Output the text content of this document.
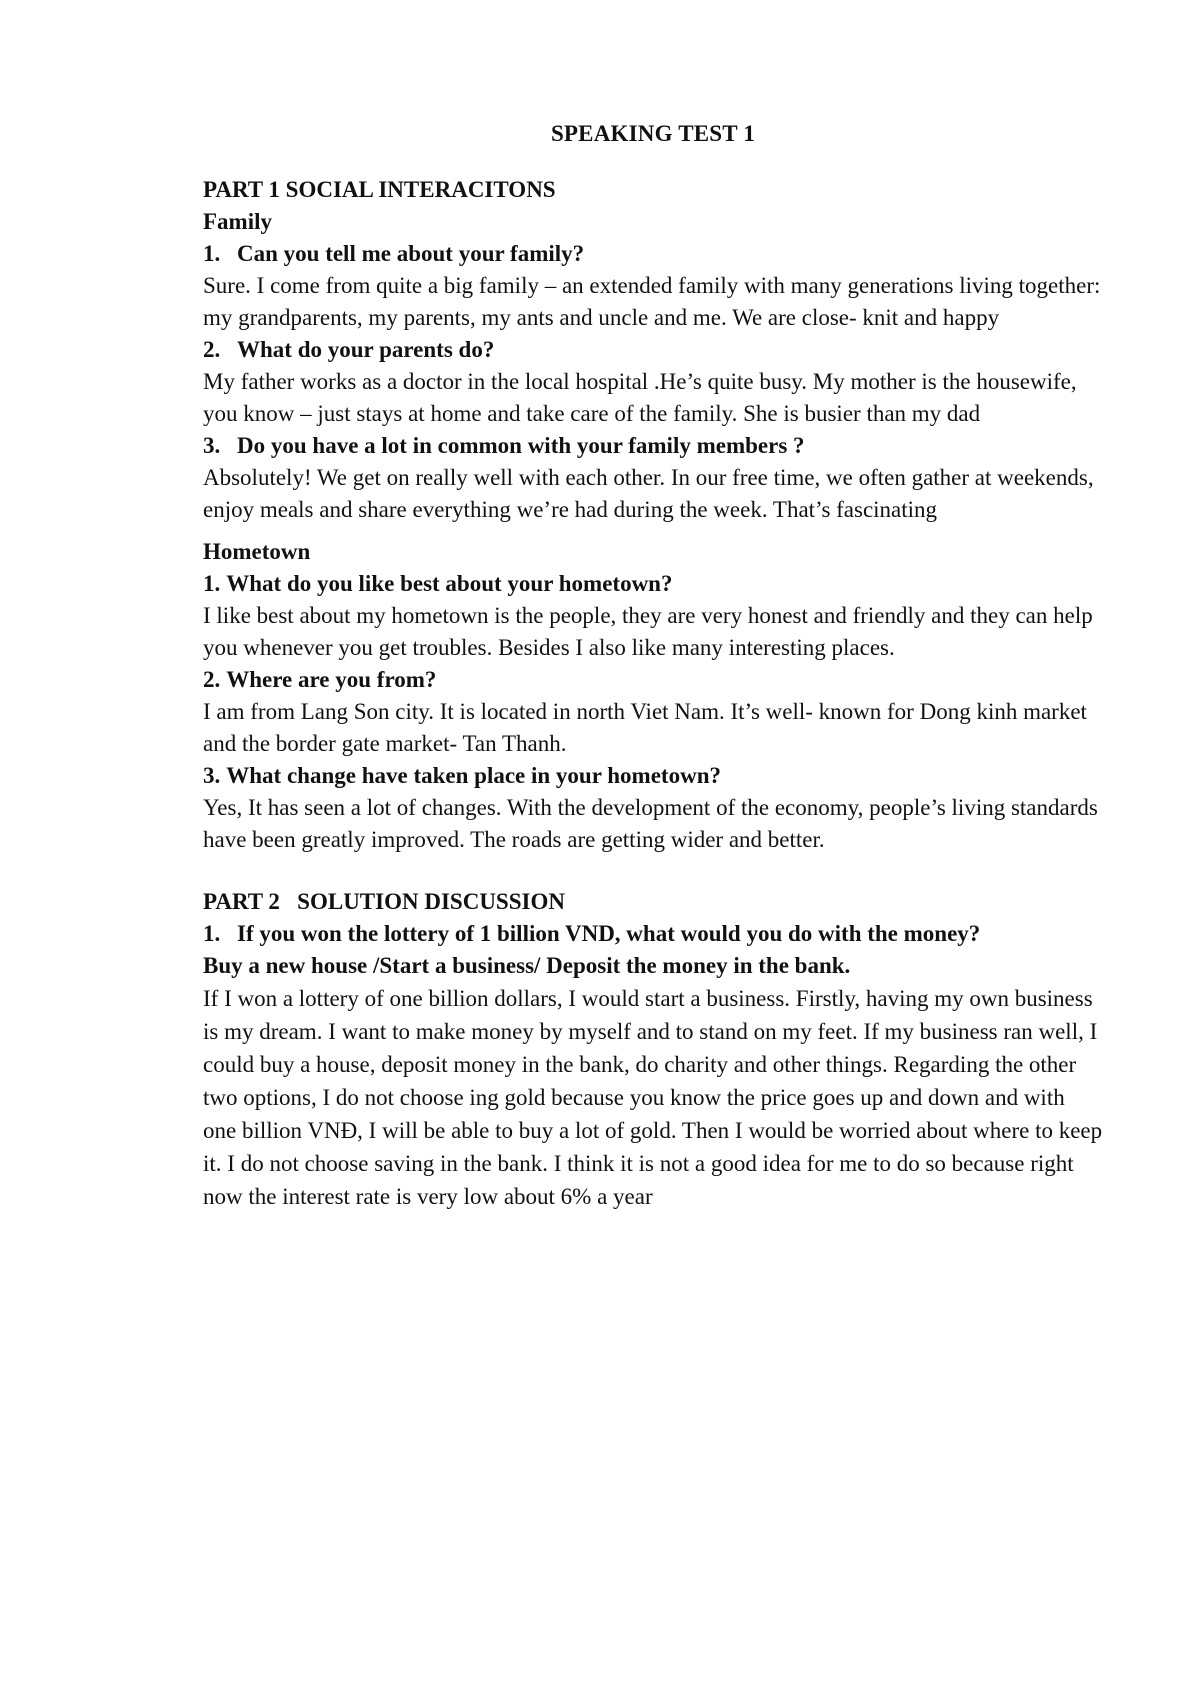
SPEAKING TEST 1

PART 1 SOCIAL INTERACITONS

Family

1. Can you tell me about your family?

Sure. I come from quite a big family – an extended family with many generations living together: my grandparents, my parents, my ants and uncle and me. We are close- knit and happy

2. What do your parents do?

My father works as a doctor in the local hospital .He’s quite busy. My mother is the housewife, you know – just stays at home and take care of the family. She is busier than my dad

3. Do you have a lot in common with your family members ?

Absolutely! We get on really well with each other. In our free time, we often gather at weekends, enjoy meals and share everything we’re had during the week. That’s fascinating

Hometown

1. What do you like best about your hometown?

I like best about my hometown is the people, they are very honest and friendly and they can help you whenever you get troubles. Besides I also like many interesting places.

2. Where are you from?

I am from Lang Son city. It is located in north Viet Nam. It’s well- known for Dong kinh market and the border gate market- Tan Thanh.

3. What change have taken place in your hometown?

Yes, It has seen a lot of changes. With the development of the economy, people’s living standards have been greatly improved. The roads are getting wider and better.

PART 2   SOLUTION DISCUSSION

1. If you won the lottery of 1 billion VND, what would you do with the money?

Buy a new house /Start a business/ Deposit the money in the bank.

If I won a lottery of one billion dollars, I would start a business. Firstly, having my own business is my dream. I want to make money by myself and to stand on my feet. If my business ran well, I could buy a house, deposit money in the bank, do charity and other things. Regarding the other two options, I do not choose ing gold because you know the price goes up and down and with one billion VNĐ, I will be able to buy a lot of gold. Then I would be worried about where to keep it. I do not choose saving in the bank. I think it is not a good idea for me to do so because right now the interest rate is very low about 6% a year
